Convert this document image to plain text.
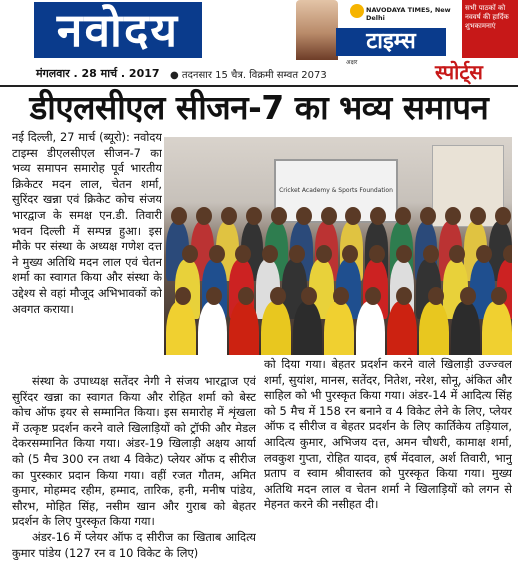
नवोदय	NAVODAYA TIMES, New Delhi
टाइम्स
सभी पाठकों को नववर्ष की हार्दिक शुभकामनाएं
मंगलवार . 28 मार्च . 2017 ● तदनसार 15 चैत्र. विक्रमी सम्वत 2073
अक्षर	स्पोर्ट्स
डीएलसीएल सीजन-7 का भव्य समापन

नई दिल्ली, 27 मार्च (ब्यूरो): नवोदय टाइम्स डीएलसीएल सीजन-7 का भव्य समापन समारोह पूर्व भारतीय क्रिकेटर मदन लाल, चेतन शर्मा, सुरिंदर खन्ना एवं क्रिकेट कोच संजय भारद्वाज के समक्ष एन.डी. तिवारी भवन दिल्ली में सम्पन्न हुआ। इस मौके पर संस्था के अध्यक्ष गणेश दत्त ने मुख्य अतिथि मदन लाल एवं चेतन शर्मा का स्वागत किया और संस्था के उद्देश्य से वहां मौजूद अभिभावकों को अवगत कराया।

संस्था के उपाध्यक्ष सतेंदर नेगी ने संजय भारद्वाज एवं सुरिंदर खन्ना का स्वागत किया और रोहित शर्मा को बेस्ट कोच ऑफ इयर से सम्मानित किया। इस समारोह में शृंखला में उत्कृष्ट प्रदर्शन करने वाले खिलाड़ियों को ट्रॉफी और मेडल देकरसम्मानित किया गया। अंडर-19 खिलाड़ी अक्षय आर्या को (5 मैच 300 रन तथा 4 विकेट) प्लेयर ऑफ द सीरीज का पुरस्कार प्रदान किया गया। वहीं रजत गौतम, अमित कुमार, मोहम्मद रहीम, हम्माद, तारिक, हनी, मनीष पांडेय, सौरभ, मोहित सिंह, नसीम खान और गुराब को बेहतर प्रदर्शन के लिए पुरस्कृत किया गया।

अंडर-16 में प्लेयर ऑफ द सीरीज का खिताब आदित्य कुमार पांडेय (127 रन व 10 विकेट के लिए)

को दिया गया। बेहतर प्रदर्शन करने वाले खिलाड़ी उज्ज्वल शर्मा, सुयांश, मानस, सतेंदर, नितेश, नरेश, सोनू, अंकित और साहिल को भी पुरस्कृत किया गया। अंडर-14 में आदित्य सिंह को 5 मैच में 158 रन बनाने व 4 विकेट लेने के लिए, प्लेयर ऑफ द सीरीज व बेहतर प्रदर्शन के लिए कार्तिकेय तड़ियाल, आदित्य कुमार, अभिजय दत्त, अमन चौधरी, कामाक्ष शर्मा, लवकुश गुप्ता, रोहित यादव, हर्ष मेंदवाल, अर्श तिवारी, भानु प्रताप व स्वाम श्रीवास्तव को पुरस्कृत किया गया। मुख्य अतिथि मदन लाल व चेतन शर्मा ने खिलाड़ियों को लगन से मेहनत करने की नसीहत दी।

Cricket Academy & Sports Foundation
